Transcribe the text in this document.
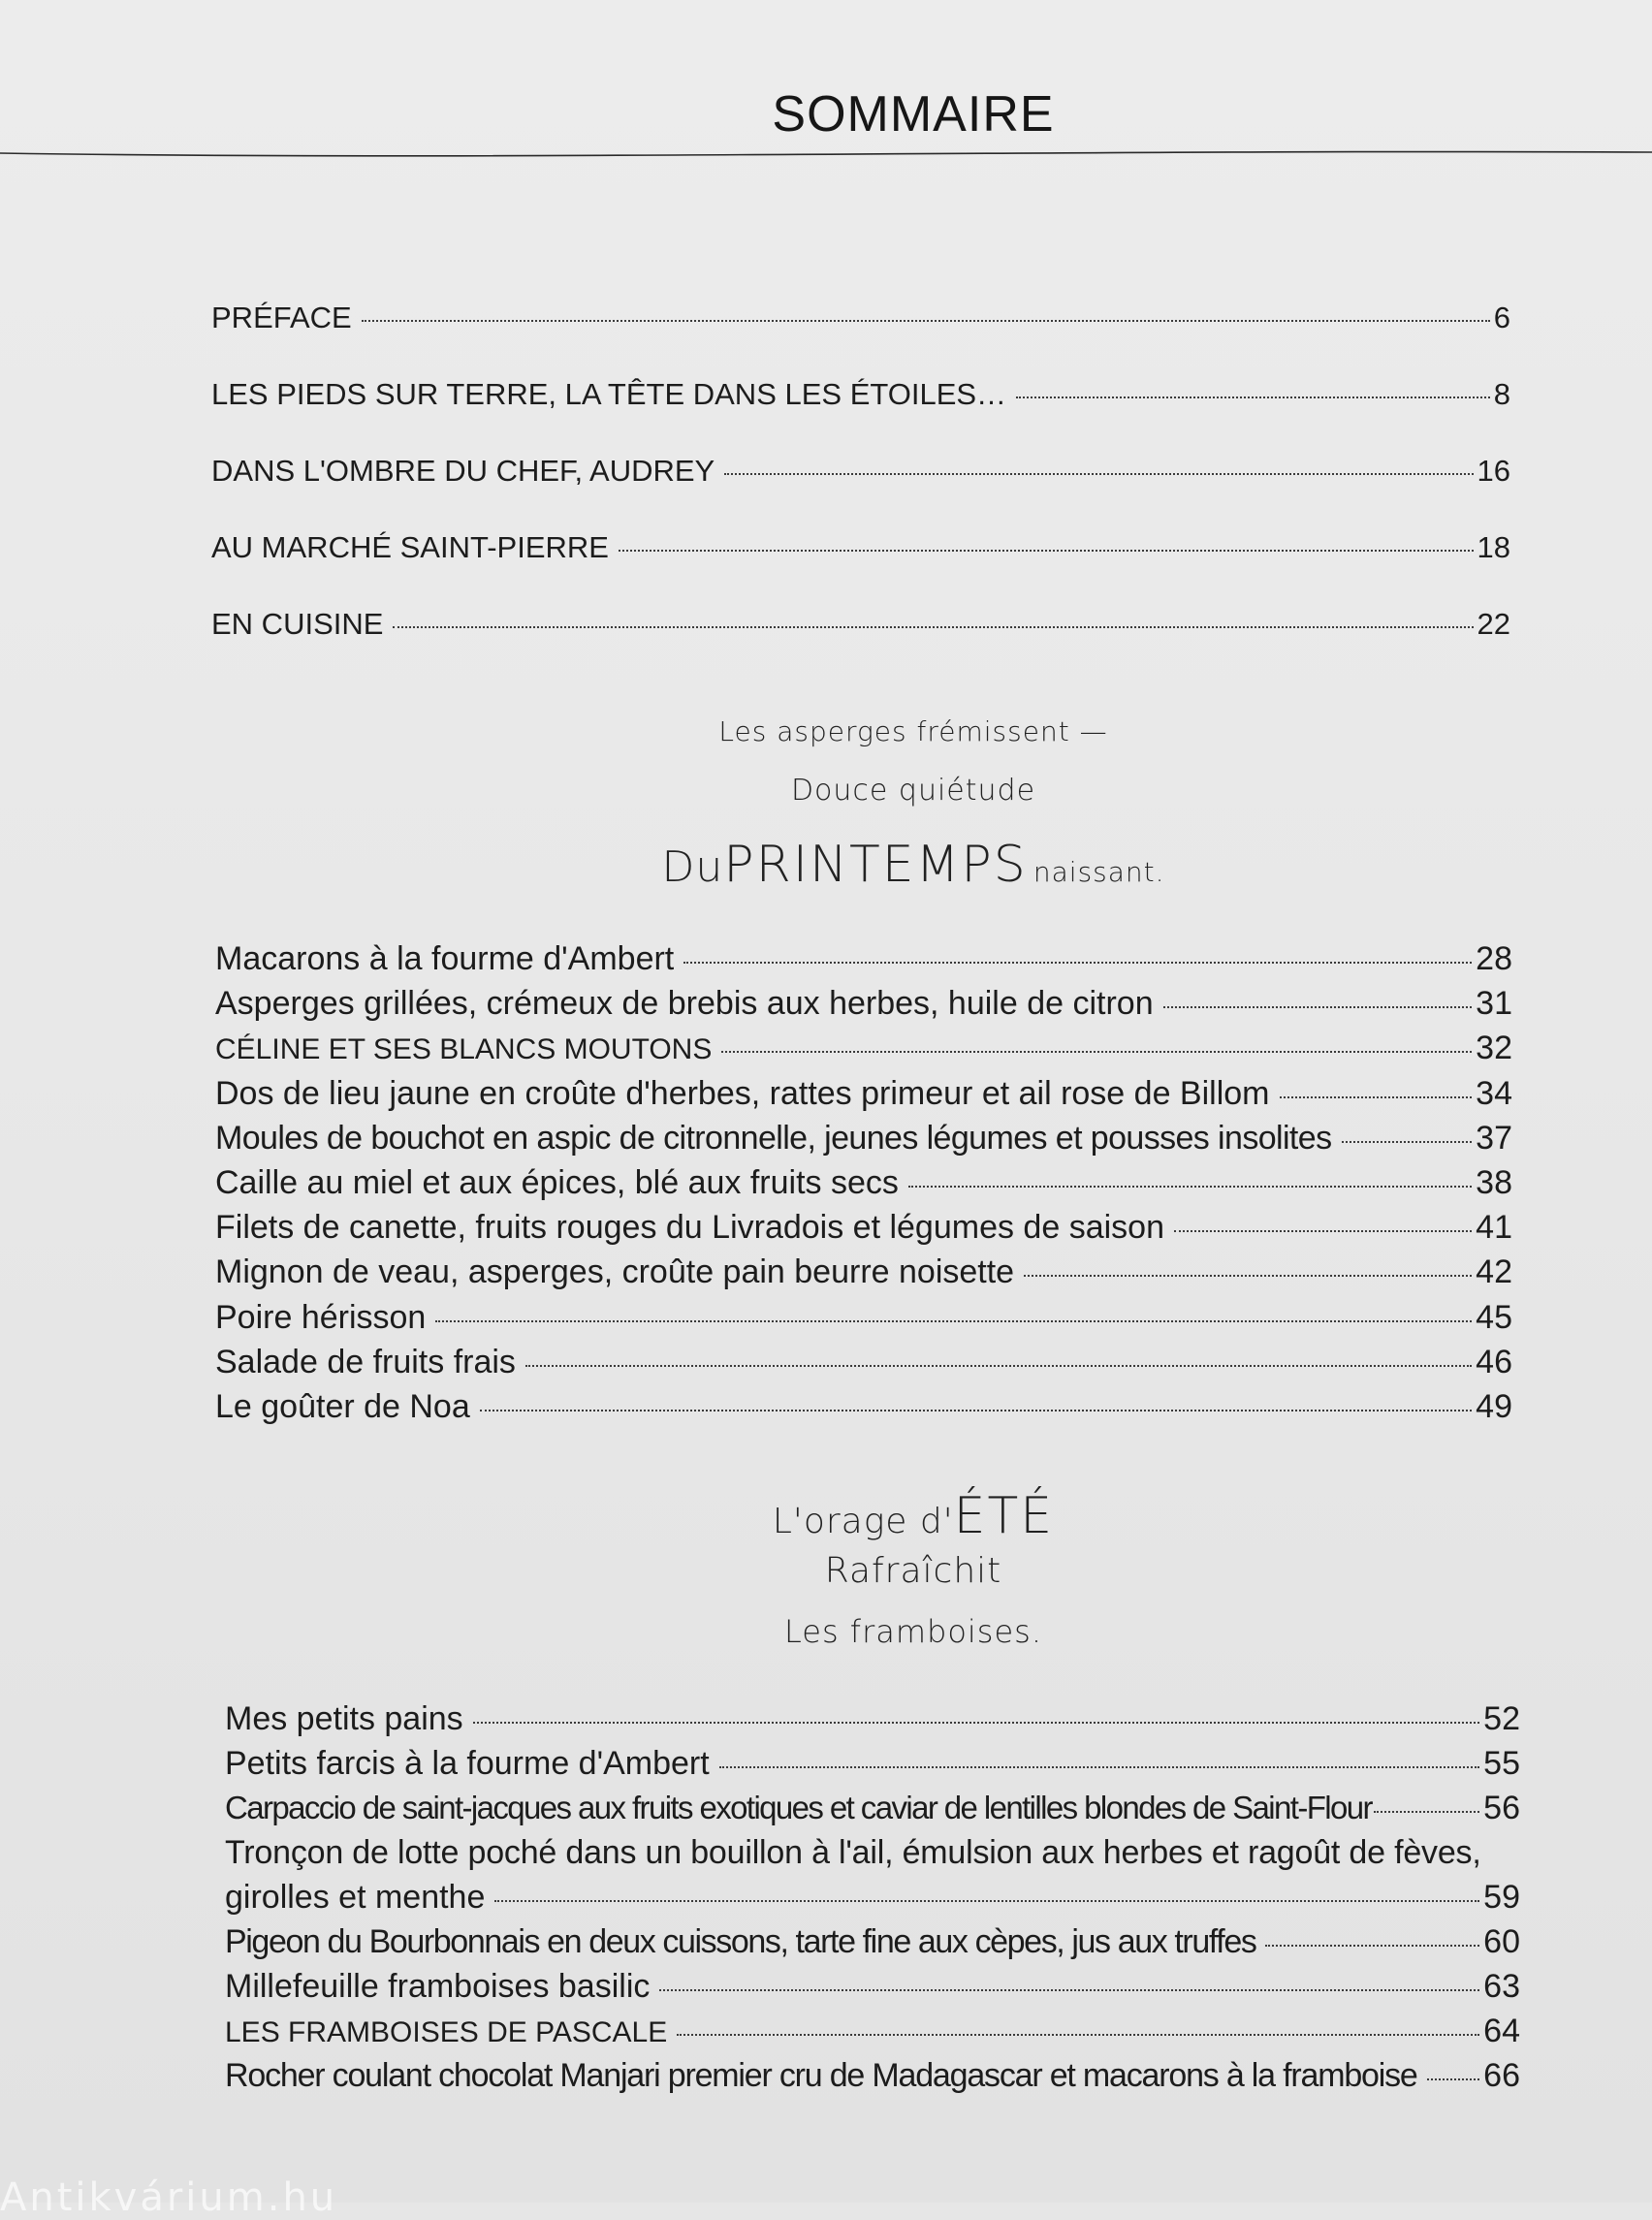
SOMMAIRE
PRÉFACE	6
LES PIEDS SUR TERRE, LA TÊTE DANS LES ÉTOILES…	8
DANS L'OMBRE DU CHEF, AUDREY	16
AU MARCHÉ SAINT-PIERRE	18
EN CUISINE	22
Les asperges frémissent —
Douce quiétude
DuPRINTEMPS naissant.
Macarons à la fourme d'Ambert	28
Asperges grillées, crémeux de brebis aux herbes, huile de citron	31
CÉLINE ET SES BLANCS MOUTONS	32
Dos de lieu jaune en croûte d'herbes, rattes primeur et ail rose de Billom	34
Moules de bouchot en aspic de citronnelle, jeunes légumes et pousses insolites	37
Caille au miel et aux épices, blé aux fruits secs	38
Filets de canette, fruits rouges du Livradois et légumes de saison	41
Mignon de veau, asperges, croûte pain beurre noisette	42
Poire hérisson	45
Salade de fruits frais	46
Le goûter de Noa	49
L'orage d'ÉTÉ
Rafraîchit
Les framboises.
Mes petits pains	52
Petits farcis à la fourme d'Ambert	55
Carpaccio de saint-jacques aux fruits exotiques et caviar de lentilles blondes de Saint-Flour	56
Tronçon de lotte poché dans un bouillon à l'ail, émulsion aux herbes et ragoût de fèves,
girolles et menthe	59
Pigeon du Bourbonnais en deux cuissons, tarte fine aux cèpes, jus aux truffes	60
Millefeuille framboises basilic	63
LES FRAMBOISES DE PASCALE	64
Rocher coulant chocolat Manjari premier cru de Madagascar et macarons à la framboise 66
Antikvárium.hu
